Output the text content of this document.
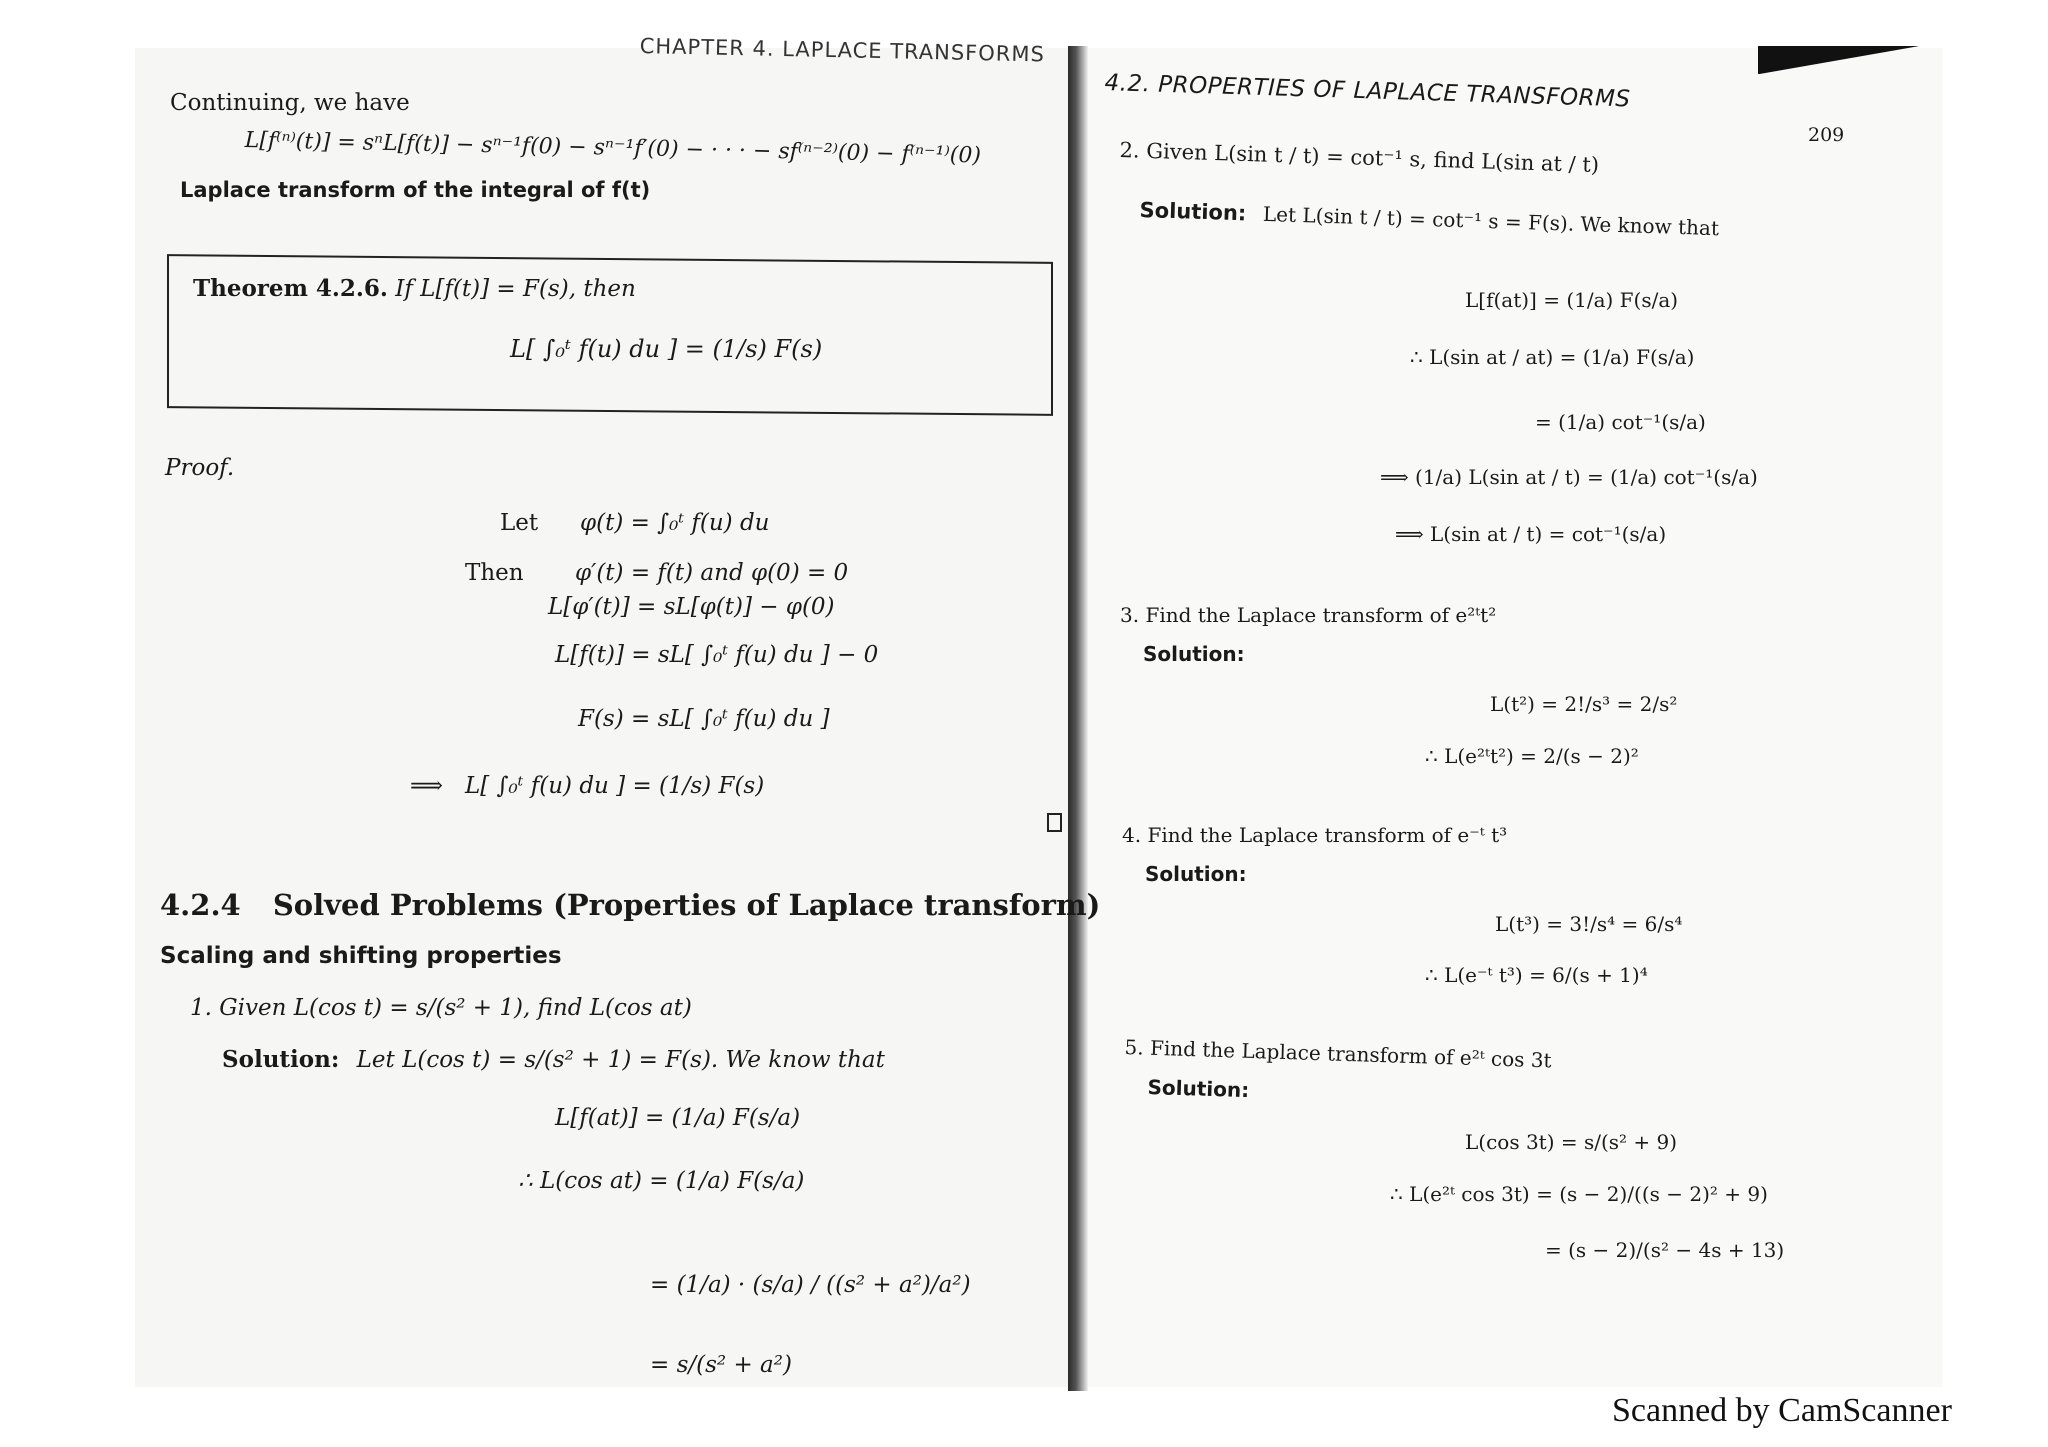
CHAPTER 4. LAPLACE TRANSFORMS
Continuing, we have
L[f⁽ⁿ⁾(t)] = sⁿL[f(t)] − sⁿ⁻¹f(0) − sⁿ⁻¹f′(0) − · · · − sf⁽ⁿ⁻²⁾(0) − f⁽ⁿ⁻¹⁾(0)
Laplace transform of the integral of f(t)
Theorem 4.2.6. If L[f(t)] = F(s), then
L[ ∫₀ᵗ f(u) du ] = (1/s) F(s)
Proof.
Let φ(t) = ∫₀ᵗ f(u) du
Then φ′(t) = f(t) and φ(0) = 0
L[φ′(t)] = sL[φ(t)] − φ(0)
L[f(t)] = sL[ ∫₀ᵗ f(u) du ] − 0
F(s) = sL[ ∫₀ᵗ f(u) du ]
⟹ L[ ∫₀ᵗ f(u) du ] = (1/s) F(s)
4.2.4 Solved Problems (Properties of Laplace transform)
Scaling and shifting properties
1. Given L(cos t) = s/(s² + 1), find L(cos at)
Solution: Let L(cos t) = s/(s² + 1) = F(s). We know that
L[f(at)] = (1/a) F(s/a)
∴ L(cos at) = (1/a) F(s/a)
= (1/a) · (s/a) / ((s² + a²)/a²)
= s/(s² + a²)
4.2. PROPERTIES OF LAPLACE TRANSFORMS
209
2. Given L(sin t / t) = cot⁻¹ s, find L(sin at / t)
Solution: Let L(sin t / t) = cot⁻¹ s = F(s). We know that
L[f(at)] = (1/a) F(s/a)
∴ L(sin at / at) = (1/a) F(s/a)
= (1/a) cot⁻¹(s/a)
⟹ (1/a) L(sin at / t) = (1/a) cot⁻¹(s/a)
⟹ L(sin at / t) = cot⁻¹(s/a)
3. Find the Laplace transform of e²ᵗt²
Solution:
L(t²) = 2!/s³ = 2/s²
∴ L(e²ᵗt²) = 2/(s − 2)²
4. Find the Laplace transform of e⁻ᵗ t³
Solution:
L(t³) = 3!/s⁴ = 6/s⁴
∴ L(e⁻ᵗ t³) = 6/(s + 1)⁴
5. Find the Laplace transform of e²ᵗ cos 3t
Solution:
L(cos 3t) = s/(s² + 9)
∴ L(e²ᵗ cos 3t) = (s − 2)/((s − 2)² + 9)
= (s − 2)/(s² − 4s + 13)
Scanned by CamScanner
